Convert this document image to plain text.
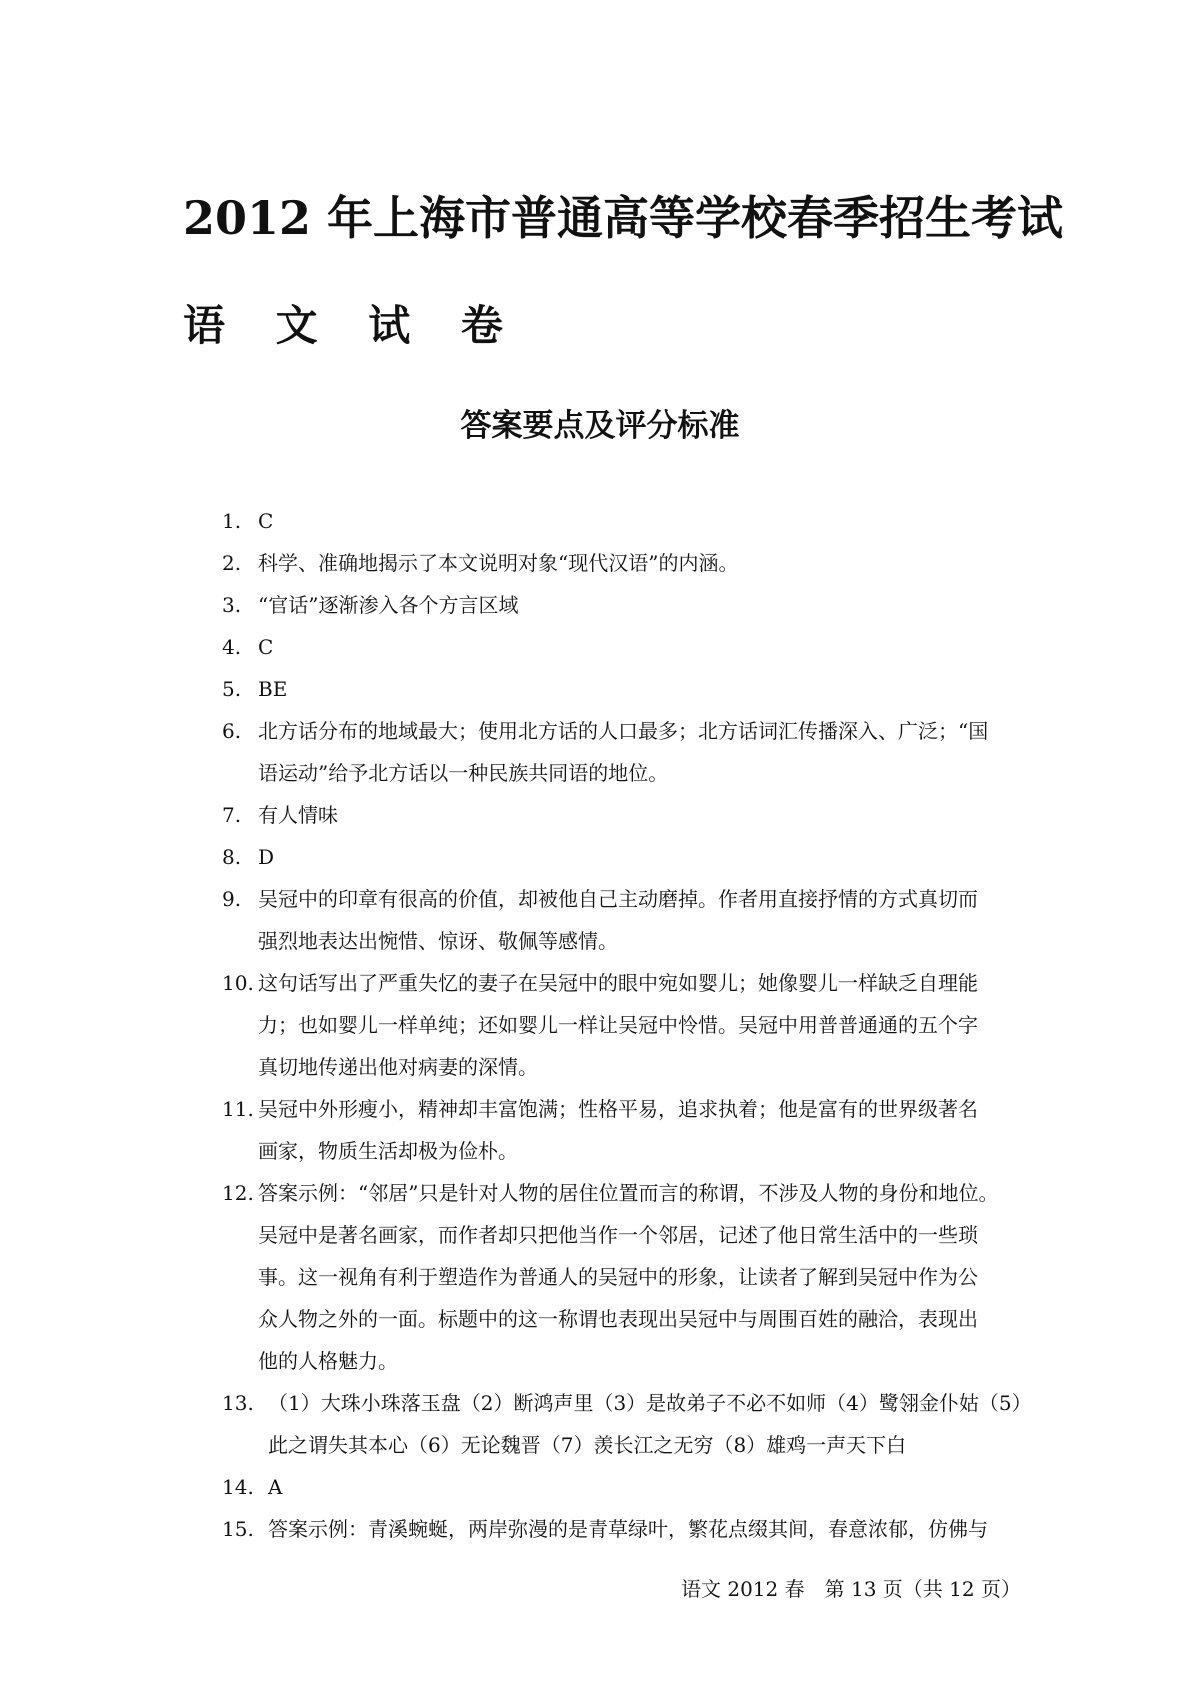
2012 年上海市普通高等学校春季招生考试
语 文 试 卷
答案要点及评分标准
1. C
2. 科学、准确地揭示了本文说明对象“现代汉语”的内涵。
3. “官话”逐渐渗入各个方言区域
4. C
5. BE
6. 北方话分布的地域最大；使用北方话的人口最多；北方话词汇传播深入、广泛；“国
语运动”给予北方话以一种民族共同语的地位。
7. 有人情味
8. D
9. 吴冠中的印章有很高的价值，却被他自己主动磨掉。作者用直接抒情的方式真切而
强烈地表达出惋惜、惊讶、敬佩等感情。
10. 这句话写出了严重失忆的妻子在吴冠中的眼中宛如婴儿；她像婴儿一样缺乏自理能
力；也如婴儿一样单纯；还如婴儿一样让吴冠中怜惜。吴冠中用普普通通的五个字
真切地传递出他对病妻的深情。
11. 吴冠中外形瘦小，精神却丰富饱满；性格平易，追求执着；他是富有的世界级著名
画家，物质生活却极为俭朴。
12. 答案示例：“邻居”只是针对人物的居住位置而言的称谓，不涉及人物的身份和地位。
吴冠中是著名画家，而作者却只把他当作一个邻居，记述了他日常生活中的一些琐
事。这一视角有利于塑造作为普通人的吴冠中的形象，让读者了解到吴冠中作为公
众人物之外的一面。标题中的这一称谓也表现出吴冠中与周围百姓的融洽，表现出
他的人格魅力。
13. （1）大珠小珠落玉盘（2）断鸿声里（3）是故弟子不必不如师（4）鹭翎金仆姑（5）
此之谓失其本心（6）无论魏晋（7）羡长江之无穷（8）雄鸡一声天下白
14. A
15. 答案示例：青溪蜿蜒，两岸弥漫的是青草绿叶，繁花点缀其间，春意浓郁，仿佛与

语文 2012 春　第 13 页（共 12 页）
